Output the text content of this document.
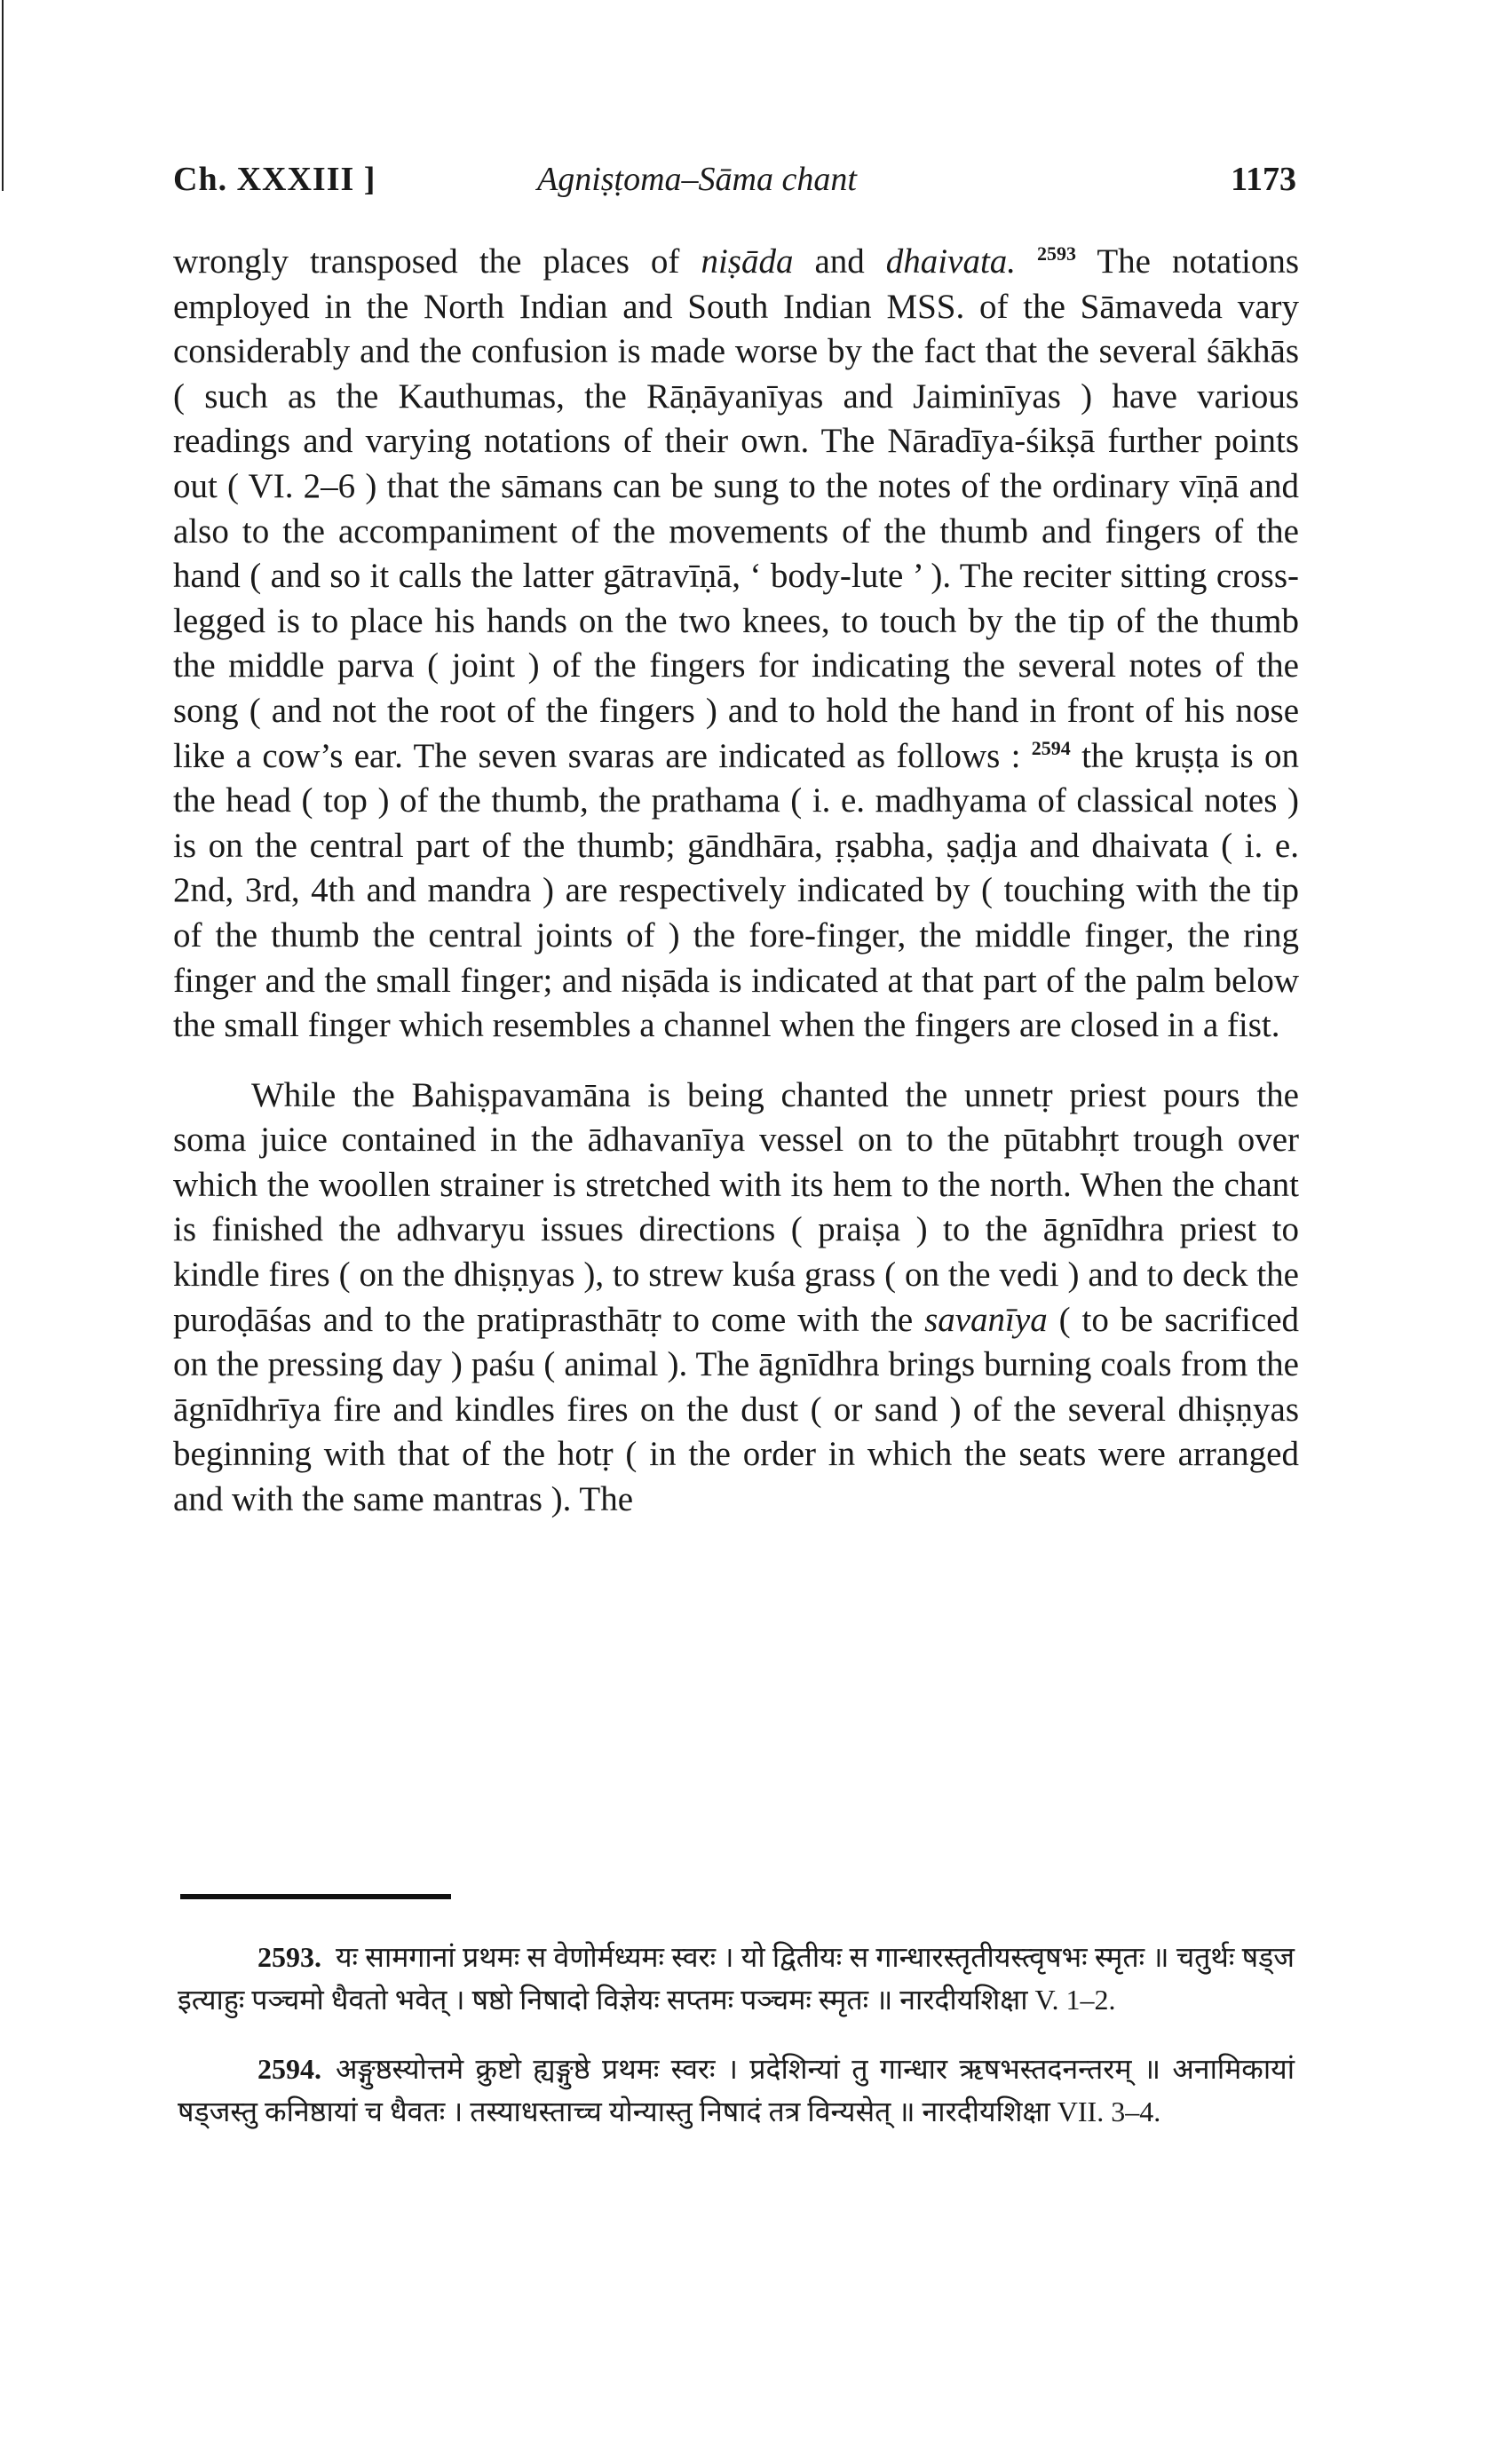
Ch. XXXIII ]	Agniṣṭoma–Sāma chant	1173

wrongly transposed the places of niṣāda and dhaivata. $^{2593}$ The notations employed in the North Indian and South Indian MSS. of the Sāmaveda vary considerably and the confusion is made worse by the fact that the several śākhās ( such as the Kauthumas, the Rāṇāyanīyas and Jaiminīyas ) have various readings and varying notations of their own. The Nāradīya-śikṣā further points out ( VI. 2–6 ) that the sāmans can be sung to the notes of the ordinary vīṇā and also to the accompaniment of the movements of the thumb and fingers of the hand ( and so it calls the latter gātravīṇā, ‘ body-lute ’ ). The reciter sitting cross-legged is to place his hands on the two knees, to touch by the tip of the thumb the middle parva ( joint ) of the fingers for indicating the several notes of the song ( and not the root of the fingers ) and to hold the hand in front of his nose like a cow’s ear. The seven svaras are indicated as follows : $^{2594}$ the kruṣṭa is on the head ( top ) of the thumb, the prathama ( i. e. madhyama of classical notes ) is on the central part of the thumb; gāndhāra, ṛṣabha, ṣaḍja and dhaivata ( i. e. 2nd, 3rd, 4th and mandra ) are respectively indicated by ( touching with the tip of the thumb the central joints of ) the fore-finger, the middle finger, the ring finger and the small finger; and niṣāda is indicated at that part of the palm below the small finger which resembles a channel when the fingers are closed in a fist.

While the Bahiṣpavamāna is being chanted the unnetṛ priest pours the soma juice contained in the ādhavanīya vessel on to the pūtabhṛt trough over which the woollen strainer is stretched with its hem to the north. When the chant is finished the adhvaryu issues directions ( praiṣa ) to the āgnīdhra priest to kindle fires ( on the dhiṣṇyas ), to strew kuśa grass ( on the vedi ) and to deck the puroḍāśas and to the pratiprasthātṛ to come with the savanīya ( to be sacrificed on the pressing day ) paśu ( animal ). The āgnīdhra brings burning coals from the āgnīdhrīya fire and kindles fires on the dust ( or sand ) of the several dhiṣṇyas beginning with that of the hotṛ ( in the order in which the seats were arranged and with the same mantras ). The

2593. यः सामगानां प्रथमः स वेणोर्मध्यमः स्वरः । यो द्वितीयः स गान्धारस्तृतीयस्त्वृषभः स्मृतः ॥ चतुर्थः षड्ज इत्याहुः पञ्चमो धैवतो भवेत् । षष्ठो निषादो विज्ञेयः सप्तमः पञ्चमः स्मृतः ॥ नारदीयशिक्षा V. 1–2.

2594. अङ्गुष्ठस्योत्तमे क्रुष्टो ह्यङ्गुष्ठे प्रथमः स्वरः । प्रदेशिन्यां तु गान्धार ऋषभस्तदनन्तरम् ॥ अनामिकायां षड्जस्तु कनिष्ठायां च धैवतः । तस्याधस्ताच्च योन्यास्तु निषादं तत्र विन्यसेत् ॥ नारदीयशिक्षा VII. 3–4.
